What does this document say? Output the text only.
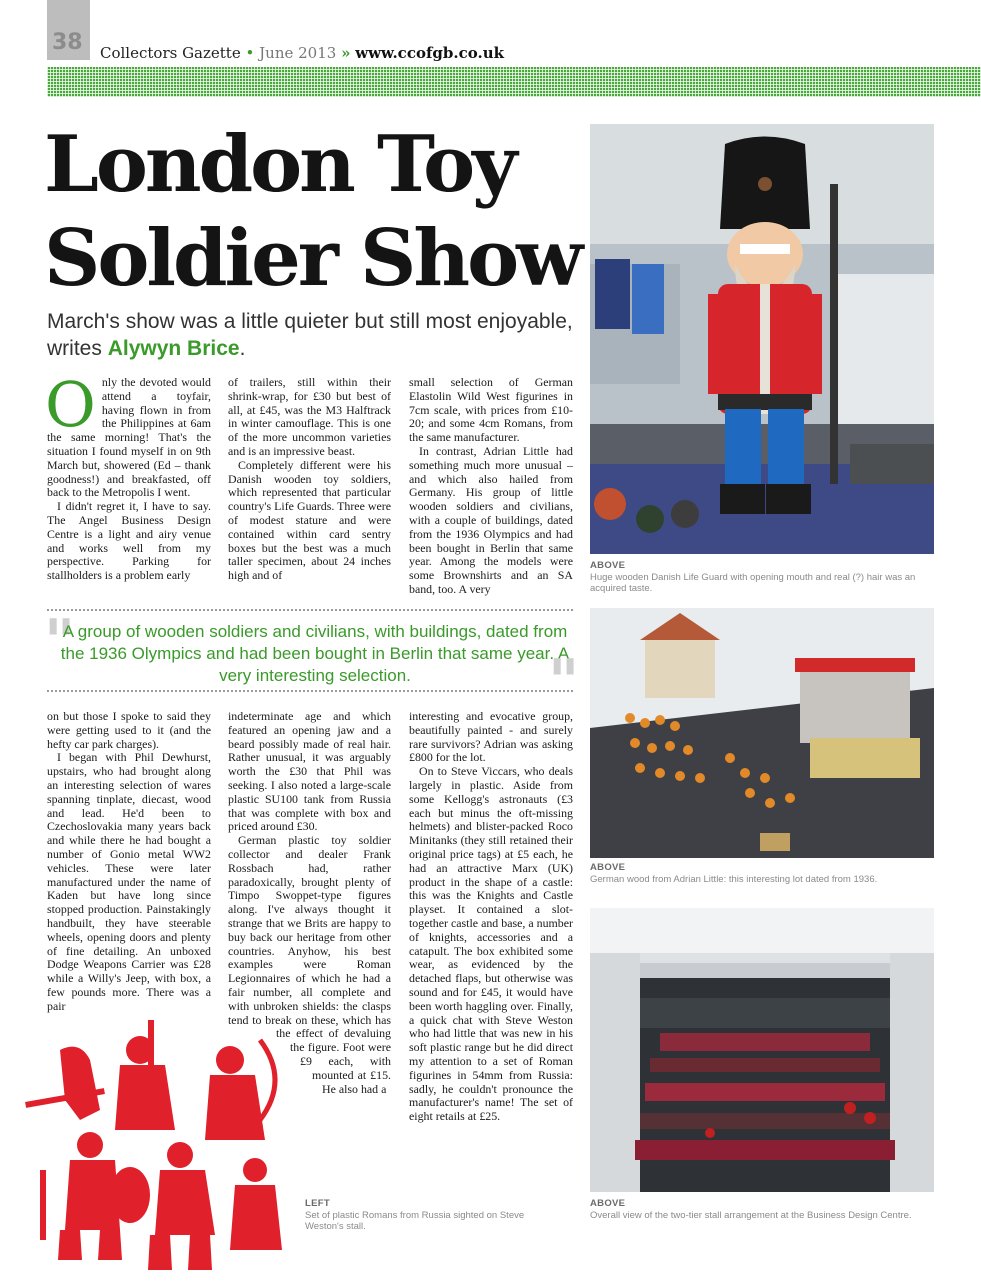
38 Collectors Gazette • June 2013 » www.ccofgb.co.uk
London Toy
Soldier Show
March's show was a little quieter but still most enjoyable, writes Alywyn Brice.

Only the devoted would attend a toyfair, having flown in from the Philippines at 6am the same morning! That's the situation I found myself in on 9th March but, showered (Ed – thank goodness!) and breakfasted, off back to the Metropolis I went.

I didn't regret it, I have to say. The Angel Business Design Centre is a light and airy venue and works well from my perspective. Parking for stallholders is a problem early

of trailers, still within their shrink-wrap, for £30 but best of all, at £45, was the M3 Halftrack in winter camouflage. This is one of the more uncommon varieties and is an impressive beast.

Completely different were his Danish wooden toy soldiers, which represented that particular country's Life Guards. Three were of modest stature and were contained within card sentry boxes but the best was a much taller specimen, about 24 inches high and of

small selection of German Elastolin Wild West figurines in 7cm scale, with prices from £10-20; and some 4cm Romans, from the same manufacturer.

In contrast, Adrian Little had something much more unusual – and which also hailed from Germany. His group of little wooden soldiers and civilians, with a couple of buildings, dated from the 1936 Olympics and had been bought in Berlin that same year. Among the models were some Brownshirts and an SA band, too. A very

"
A group of wooden soldiers and civilians, with buildings, dated from the 1936 Olympics and had been bought in Berlin that same year. A very interesting selection.	"

on but those I spoke to said they were getting used to it (and the hefty car park charges).

I began with Phil Dewhurst, upstairs, who had brought along an interesting selection of wares spanning tinplate, diecast, wood and lead. He'd been to Czechoslovakia many years back and while there he had bought a number of Gonio metal WW2 vehicles. These were later manufactured under the name of Kaden but have long since stopped production. Painstakingly handbuilt, they have steerable wheels, opening doors and plenty of fine detailing. An unboxed Dodge Weapons Carrier was £28 while a Willy's Jeep, with box, a few pounds more. There was a pair

indeterminate age and which featured an opening jaw and a beard possibly made of real hair. Rather unusual, it was arguably worth the £30 that Phil was seeking. I also noted a large-scale plastic SU100 tank from Russia that was complete with box and priced around £30.

German plastic toy soldier collector and dealer Frank Rossbach had, rather paradoxically, brought plenty of Timpo Swoppet-type figures along. I've always thought it strange that we Brits are happy to buy back our heritage from other countries. Anyhow, his best examples were Roman Legionnaires of which he had a fair number, all complete and with unbroken shields: the clasps tend to break on these, which has the effect of devaluing the figure. Foot were £9 each, with mounted at £15. He also had a

interesting and evocative group, beautifully painted - and surely rare survivors? Adrian was asking £800 for the lot.

On to Steve Viccars, who deals largely in plastic. Aside from some Kellogg's astronauts (£3 each but minus the oft-missing helmets) and blister-packed Roco Minitanks (they still retained their original price tags) at £5 each, he had an attractive Marx (UK) product in the shape of a castle: this was the Knights and Castle playset. It contained a slot-together castle and base, a number of knights, accessories and a catapult. The box exhibited some wear, as evidenced by the detached flaps, but otherwise was sound and for £45, it would have been worth haggling over. Finally, a quick chat with Steve Weston who had little that was new in his soft plastic range but he did direct my attention to a set of Roman figurines in 54mm from Russia: sadly, he couldn't pronounce the manufacturer's name! The set of eight retails at £25.

ABOVE
Huge wooden Danish Life Guard with opening mouth and real (?) hair was an acquired taste.
ABOVE
German wood from Adrian Little: this interesting lot dated from 1936.
ABOVE
Overall view of the two-tier stall arrangement at the Business Design Centre.
LEFT
Set of plastic Romans from Russia sighted on Steve Weston's stall.
